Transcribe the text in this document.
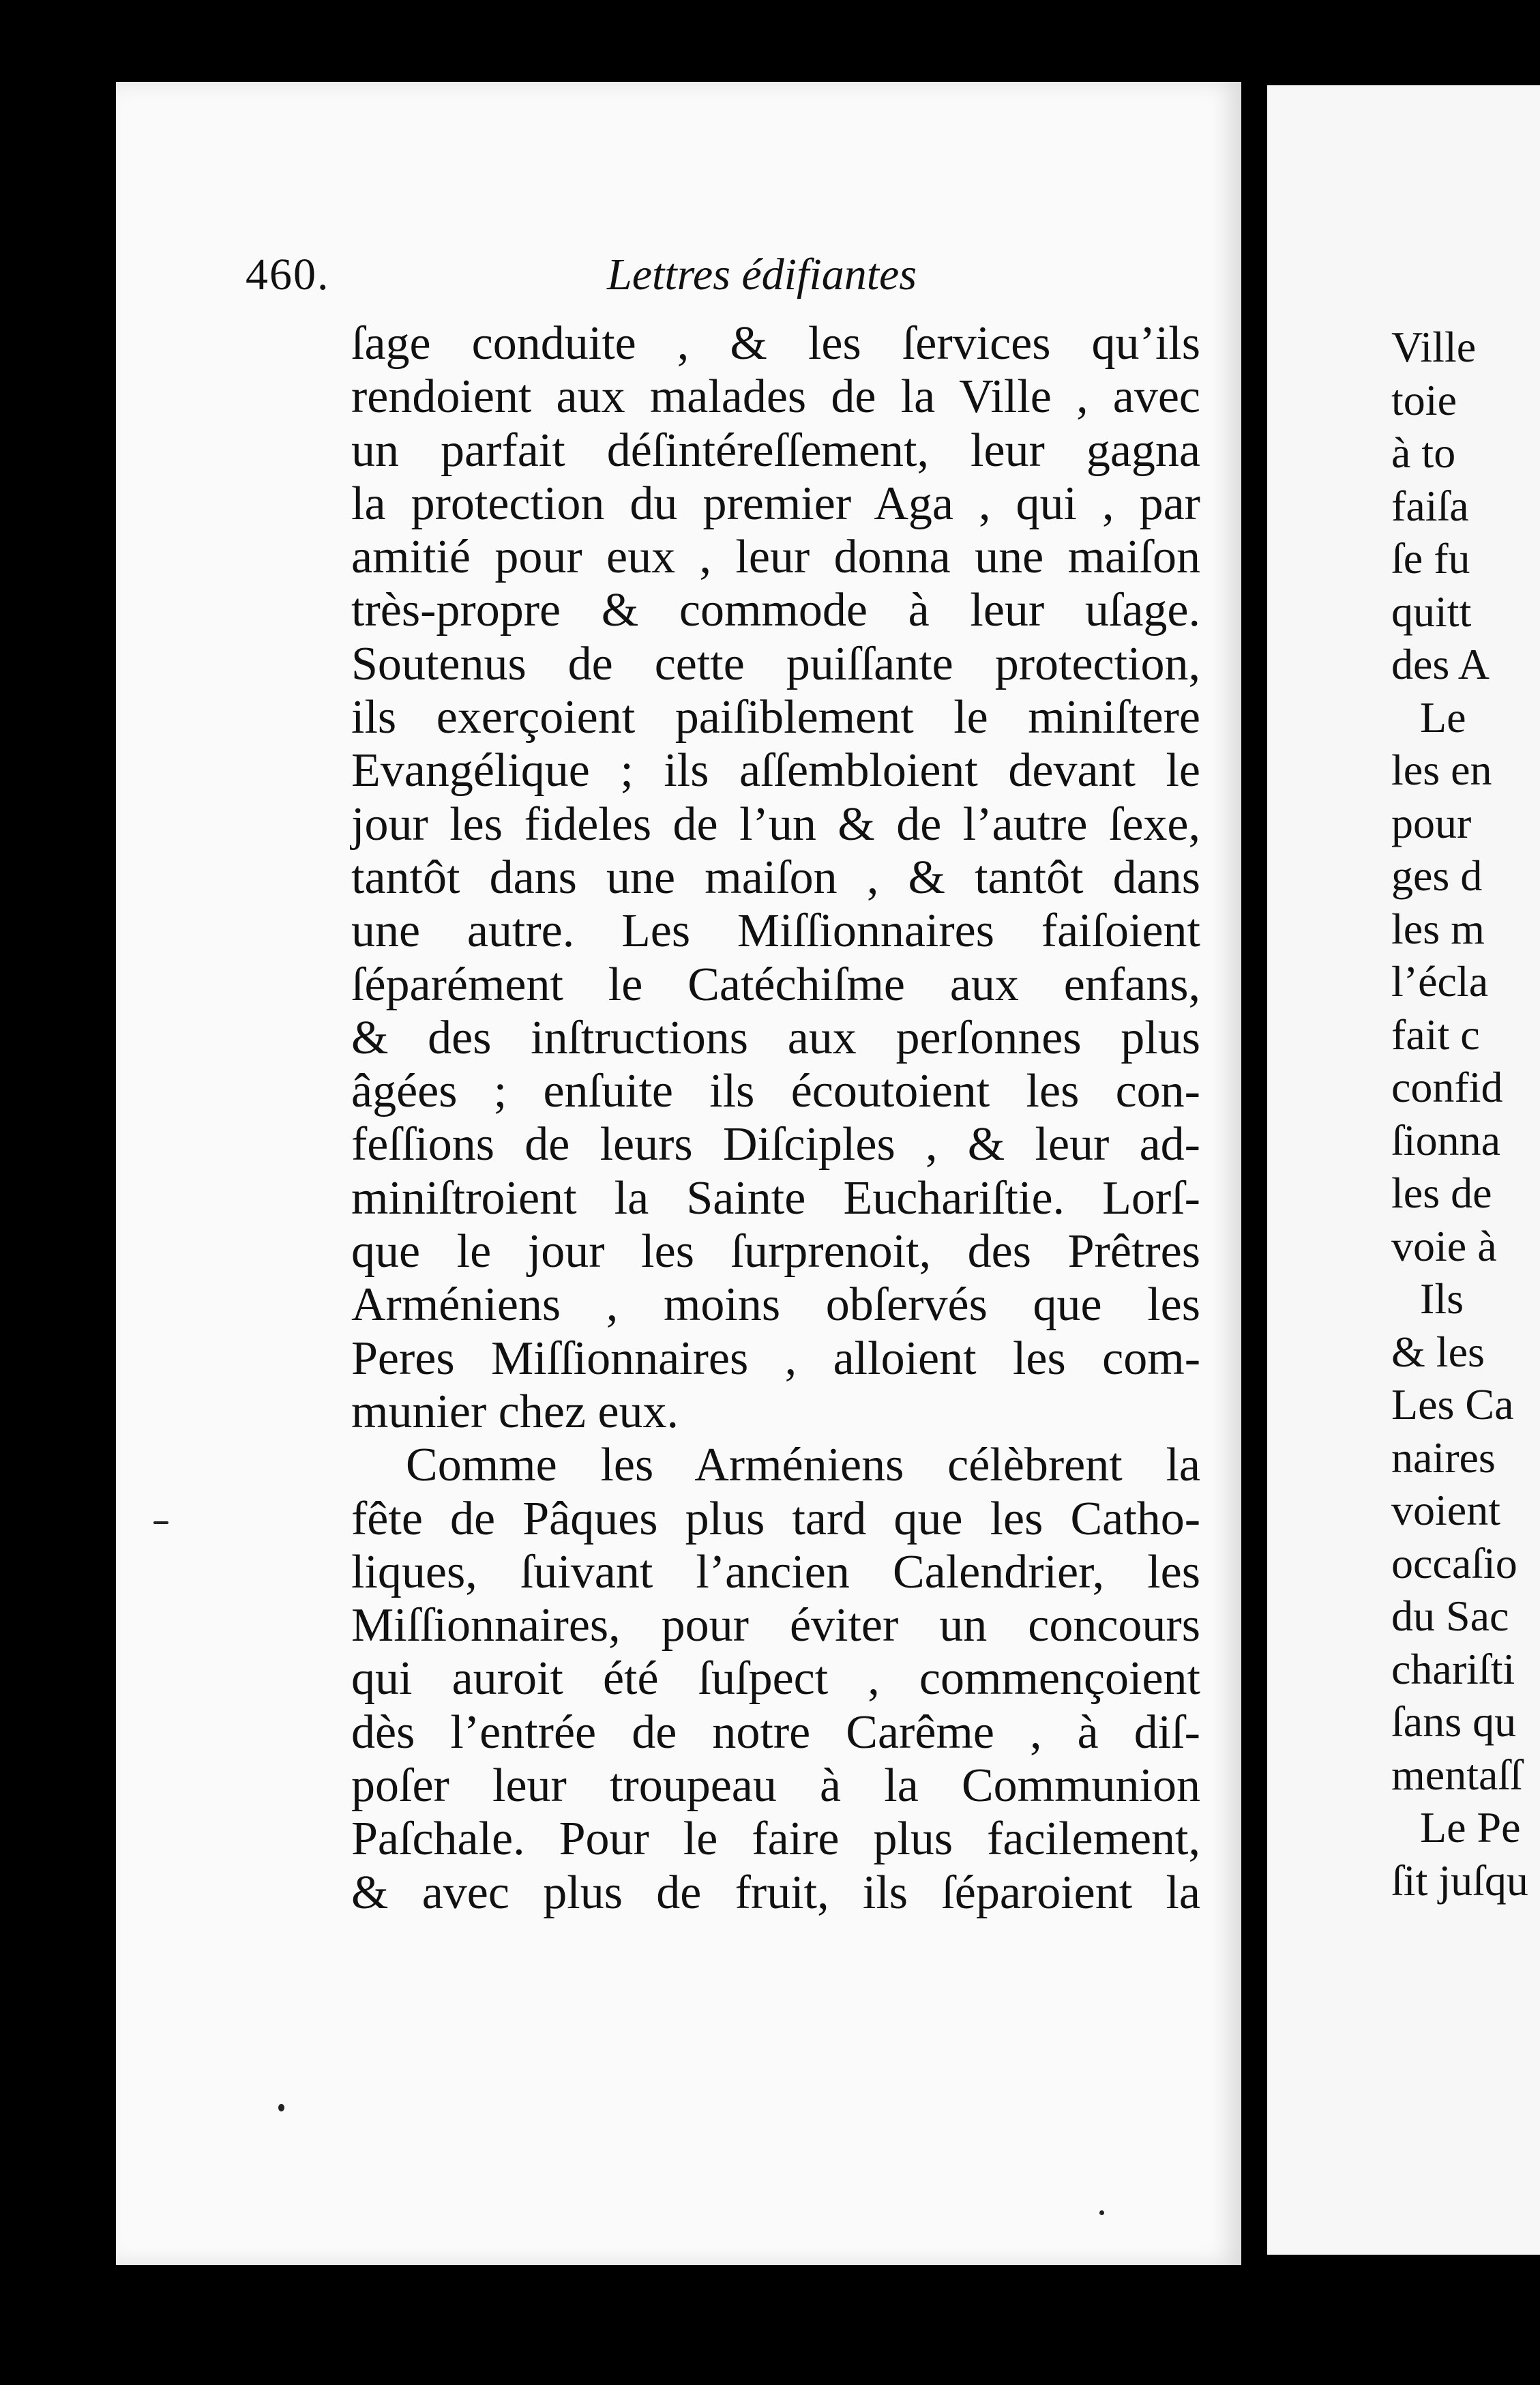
460.	Lettres édifiantes
ſage conduite , & les ſervices qu’ils
rendoient aux malades de la Ville , avec
un parfait déſintéreſſement, leur gagna
la protection du premier Aga , qui , par
amitié pour eux , leur donna une maiſon
très-propre & commode à leur uſage.
Soutenus de cette puiſſante protection,
ils exerçoient paiſiblement le miniſtere
Evangélique ; ils aſſembloient devant le
jour les fideles de l’un & de l’autre ſexe,
tantôt dans une maiſon , & tantôt dans
une autre. Les Miſſionnaires faiſoient
ſéparément le Catéchiſme aux enfans,
& des inſtructions aux perſonnes plus
âgées ; enſuite ils écoutoient les con-
feſſions de leurs Diſciples , & leur ad-
miniſtroient la Sainte Euchariſtie. Lorſ-
que le jour les ſurprenoit, des Prêtres
Arméniens , moins obſervés que les
Peres Miſſionnaires , alloient les com-
munier chez eux.
Comme les Arméniens célèbrent la
fête de Pâques plus tard que les Catho-
liques, ſuivant l’ancien Calendrier, les
Miſſionnaires, pour éviter un concours
qui auroit été ſuſpect , commençoient
dès l’entrée de notre Carême , à diſ-
poſer leur troupeau à la Communion
Paſchale. Pour le faire plus facilement,
& avec plus de fruit, ils ſéparoient la
Ville
toie
à to
faiſa
ſe fu
quitt
des A
Le
les en
pour
ges d
les m
l’écla
fait c
confid
ſionna
les de
voie à
Ils
& les
Les Ca
naires
voient
occaſio
du Sac
chariſti
ſans qu
mentaſſ
Le Pe
ſit juſqu
